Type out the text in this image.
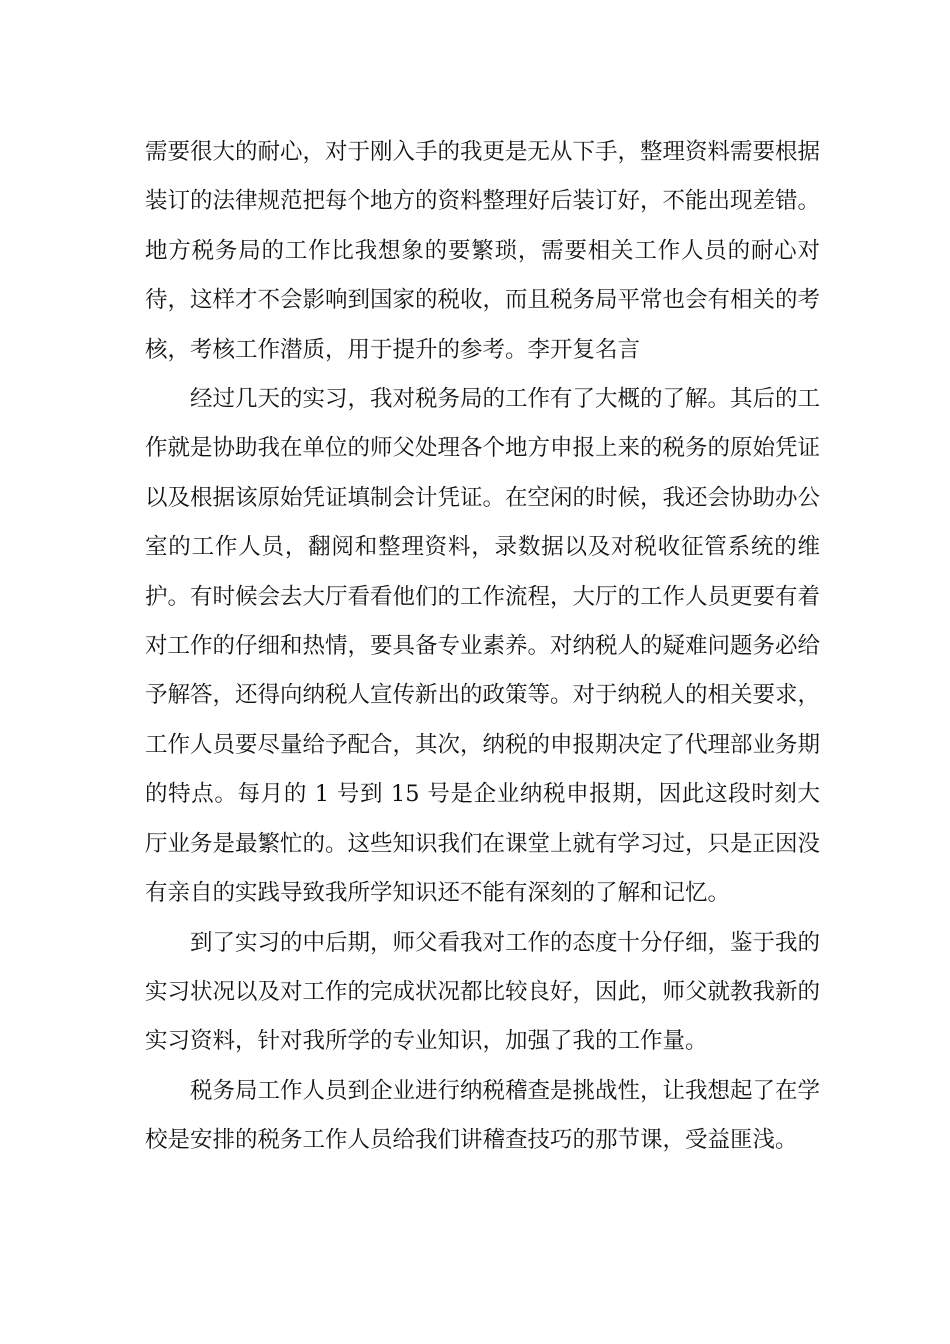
需要很大的耐心，对于刚入手的我更是无从下手，整理资料需要根据装订的法律规范把每个地方的资料整理好后装订好，不能出现差错。地方税务局的工作比我想象的要繁琐，需要相关工作人员的耐心对待，这样才不会影响到国家的税收，而且税务局平常也会有相关的考核，考核工作潜质，用于提升的参考。李开复名言

经过几天的实习，我对税务局的工作有了大概的了解。其后的工作就是协助我在单位的师父处理各个地方申报上来的税务的原始凭证以及根据该原始凭证填制会计凭证。在空闲的时候，我还会协助办公室的工作人员，翻阅和整理资料，录数据以及对税收征管系统的维护。有时候会去大厅看看他们的工作流程，大厅的工作人员更要有着对工作的仔细和热情，要具备专业素养。对纳税人的疑难问题务必给予解答，还得向纳税人宣传新出的政策等。对于纳税人的相关要求，工作人员要尽量给予配合，其次，纳税的申报期决定了代理部业务期的特点。每月的 1 号到 15 号是企业纳税申报期，因此这段时刻大厅业务是最繁忙的。这些知识我们在课堂上就有学习过，只是正因没有亲自的实践导致我所学知识还不能有深刻的了解和记忆。

到了实习的中后期，师父看我对工作的态度十分仔细，鉴于我的实习状况以及对工作的完成状况都比较良好，因此，师父就教我新的实习资料，针对我所学的专业知识，加强了我的工作量。

税务局工作人员到企业进行纳税稽查是挑战性，让我想起了在学校是安排的税务工作人员给我们讲稽查技巧的那节课，受益匪浅。
